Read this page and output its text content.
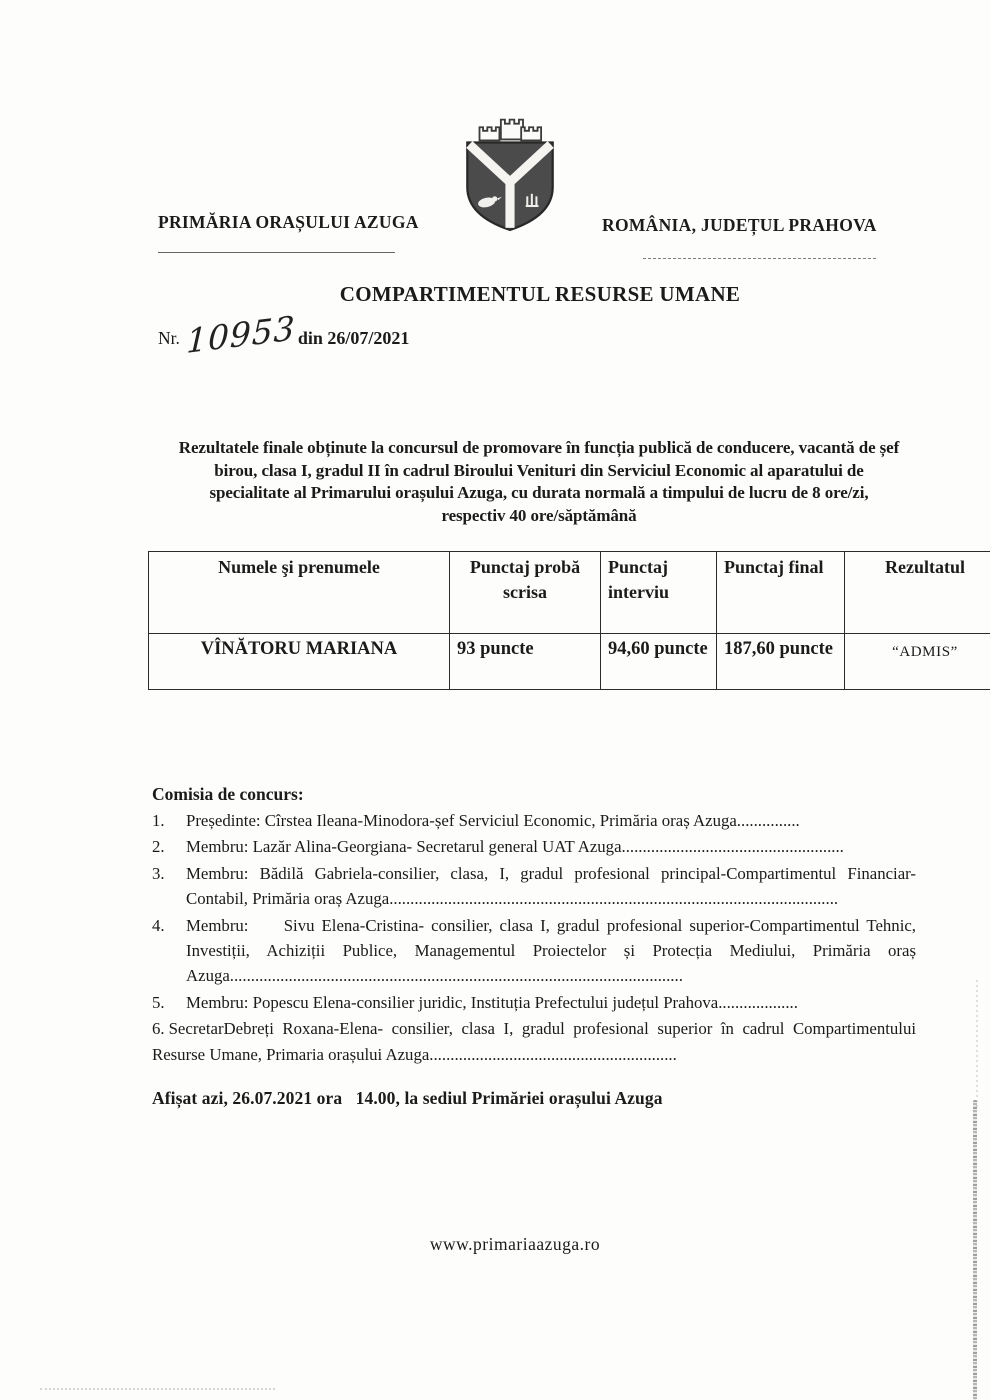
PRIMĂRIA ORAȘULUI AZUGA	ROMÂNIA, JUDEȚUL PRAHOVA
COMPARTIMENTUL RESURSE UMANE
Nr. 10953din 26/07/2021
Rezultatele finale obținute la concursul de promovare în funcția publică de conducere, vacantă de șef birou, clasa I, gradul II în cadrul Biroului Venituri din Serviciul Economic al aparatului de specialitate al Primarului orașului Azuga, cu durata normală a timpului de lucru de 8 ore/zi, respectiv 40 ore/săptămână
Numele şi prenumele	Punctaj probă scrisa	Punctaj interviu	Punctaj final	Rezultatul
VÎNĂTORU MARIANA	93 puncte	94,60 puncte	187,60 puncte	“ADMIS”
Comisia de concurs:
1.	Președinte: Cîrstea Ileana-Minodora-șef Serviciul Economic, Primăria oraș Azuga...............
2.	Membru: Lazăr Alina-Georgiana- Secretarul general UAT Azuga.....................................................
3.	Membru: Bădilă Gabriela-consilier, clasa, I, gradul profesional principal-Compartimentul Financiar-Contabil, Primăria oraș Azuga...........................................................................................................
4.	Membru:     Sivu Elena-Cristina- consilier, clasa I, gradul profesional superior-Compartimentul Tehnic, Investiții, Achiziții Publice, Managementul Proiectelor și Protecția Mediului, Primăria oraș Azuga............................................................................................................
5.	Membru: Popescu Elena-consilier juridic, Instituția Prefectului județul Prahova...................
6. SecretarDebreți Roxana-Elena- consilier, clasa I, gradul profesional superior în cadrul Compartimentului Resurse Umane, Primaria orașului Azuga...........................................................
Afișat azi, 26.07.2021 ora   14.00, la sediul Primăriei orașului Azuga
www.primariaazuga.ro
